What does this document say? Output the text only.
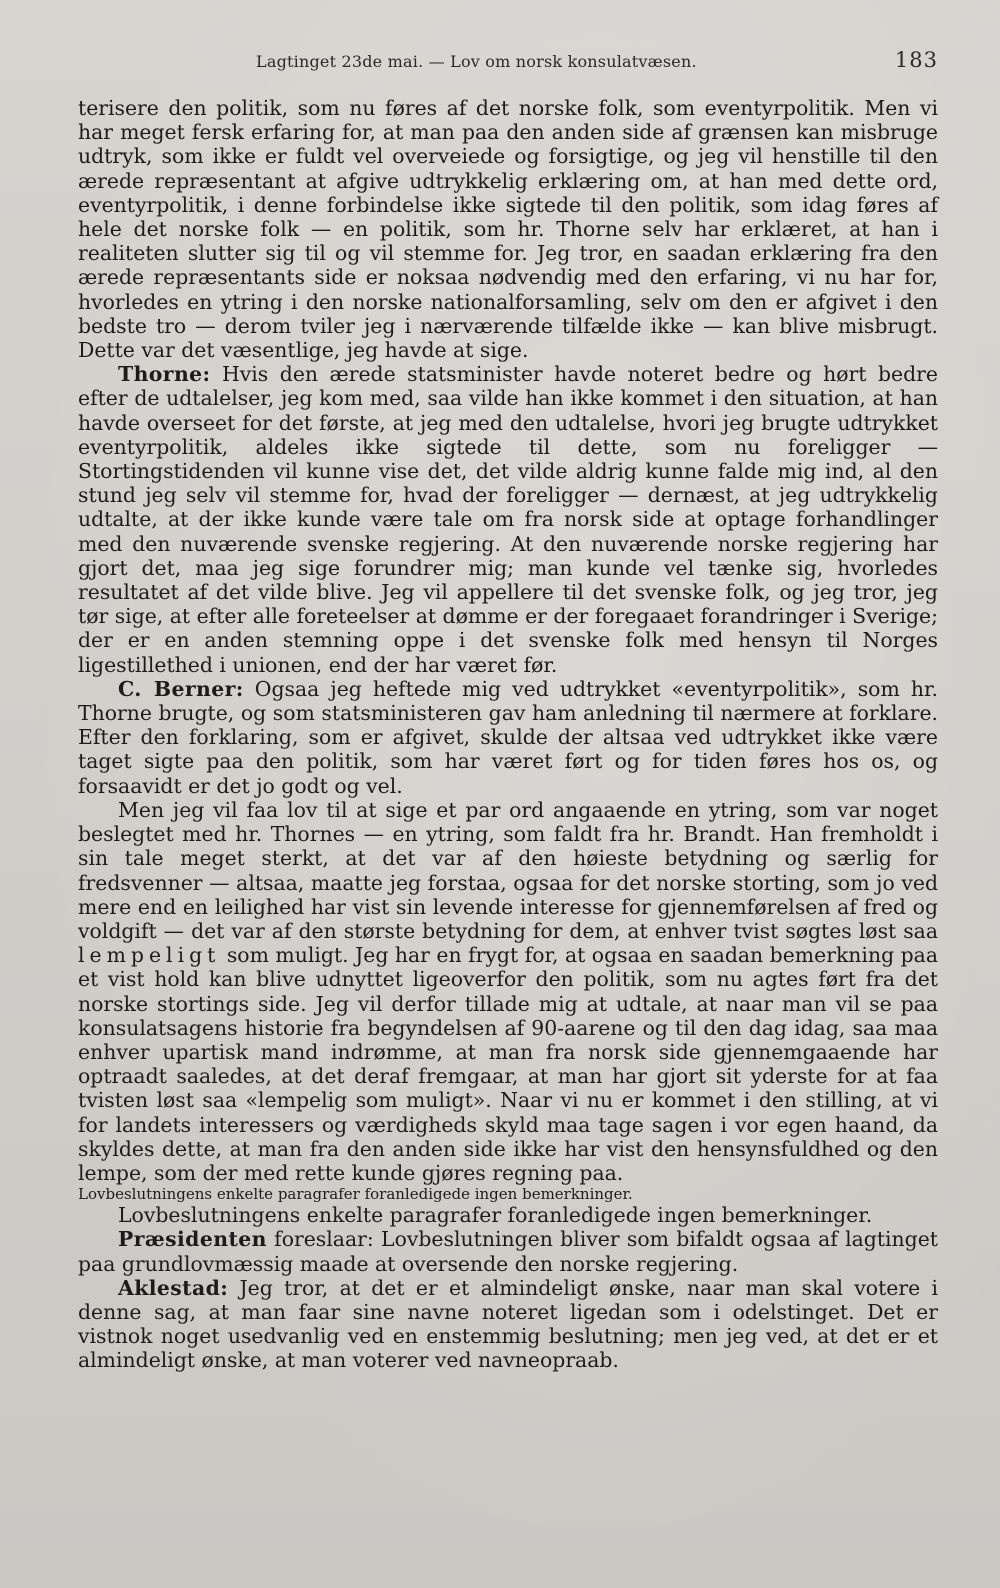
Lagtinget 23de mai. — Lov om norsk konsulatvæsen.	183

terisere den politik, som nu føres af det norske folk, som eventyrpolitik. Men vi har meget fersk erfaring for, at man paa den anden side af grænsen kan misbruge udtryk, som ikke er fuldt vel overveiede og forsigtige, og jeg vil henstille til den ærede repræsentant at afgive udtrykkelig erklæring om, at han med dette ord, eventyrpolitik, i denne forbindelse ikke sigtede til den politik, som idag føres af hele det norske folk — en politik, som hr. Thorne selv har erklæret, at han i realiteten slutter sig til og vil stemme for. Jeg tror, en saadan erklæring fra den ærede repræsentants side er noksaa nødvendig med den erfaring, vi nu har for, hvorledes en ytring i den norske nationalforsamling, selv om den er afgivet i den bedste tro — derom tviler jeg i nærværende tilfælde ikke — kan blive misbrugt. Dette var det væsentlige, jeg havde at sige.

Thorne: Hvis den ærede statsminister havde noteret bedre og hørt bedre efter de udtalelser, jeg kom med, saa vilde han ikke kommet i den situation, at han havde overseet for det første, at jeg med den udtalelse, hvori jeg brugte udtrykket eventyrpolitik, aldeles ikke sigtede til dette, som nu foreligger — Stortingstidenden vil kunne vise det, det vilde aldrig kunne falde mig ind, al den stund jeg selv vil stemme for, hvad der foreligger — dernæst, at jeg udtrykkelig udtalte, at der ikke kunde være tale om fra norsk side at optage forhandlinger med den nuværende svenske regjering. At den nuværende norske regjering har gjort det, maa jeg sige forundrer mig; man kunde vel tænke sig, hvorledes resultatet af det vilde blive. Jeg vil appellere til det svenske folk, og jeg tror, jeg tør sige, at efter alle foreteelser at dømme er der foregaaet forandringer i Sverige; der er en anden stemning oppe i det svenske folk med hensyn til Norges ligestillethed i unionen, end der har været før.

C. Berner: Ogsaa jeg heftede mig ved udtrykket «eventyrpolitik», som hr. Thorne brugte, og som statsministeren gav ham anledning til nærmere at forklare. Efter den forklaring, som er afgivet, skulde der altsaa ved udtrykket ikke være taget sigte paa den politik, som har været ført og for tiden føres hos os, og forsaavidt er det jo godt og vel.

Men jeg vil faa lov til at sige et par ord angaaende en ytring, som var noget beslegtet med hr. Thornes — en ytring, som faldt fra hr. Brandt. Han fremholdt i sin tale meget sterkt, at det var af den høieste betydning og særlig for fredsvenner — altsaa, maatte jeg forstaa, ogsaa for det norske storting, som jo ved mere end en leilighed har vist sin levende interesse for gjennemførelsen af fred og voldgift — det var af den største betydning for dem, at enhver tvist søgtes løst saa lempeligt som muligt. Jeg har en frygt for, at ogsaa en saadan bemerkning paa et vist hold kan blive udnyttet ligeoverfor den politik, som nu agtes ført fra det norske stortings side. Jeg vil derfor tillade mig at udtale, at naar man vil se paa konsulatsagens historie fra begyndelsen af 90-aarene og til den dag idag, saa maa enhver upartisk mand indrømme, at man fra norsk side gjennemgaaende har optraadt saaledes, at det deraf fremgaar, at man har gjort sit yderste for at faa tvisten løst saa «lempelig som muligt». Naar vi nu er kommet i den stilling, at vi for landets interessers og værdigheds skyld maa tage sagen i vor egen haand, da skyldes dette, at man fra den anden side ikke har vist den hensynsfuldhed og den lempe, som der med rette kunde gjøres regning paa.

Lovbeslutningens enkelte paragrafer foranledigede ingen bemerkninger.

Lovbeslutningens enkelte paragrafer foranledigede ingen bemerkninger.

Præsidenten foreslaar: Lovbeslutningen bliver som bifaldt ogsaa af lagtinget paa grundlovmæssig maade at oversende den norske regjering.

Aklestad: Jeg tror, at det er et almindeligt ønske, naar man skal votere i denne sag, at man faar sine navne noteret ligedan som i odelstinget. Det er vistnok noget usedvanlig ved en enstemmig beslutning; men jeg ved, at det er et almindeligt ønske, at man voterer ved navneopraab.
